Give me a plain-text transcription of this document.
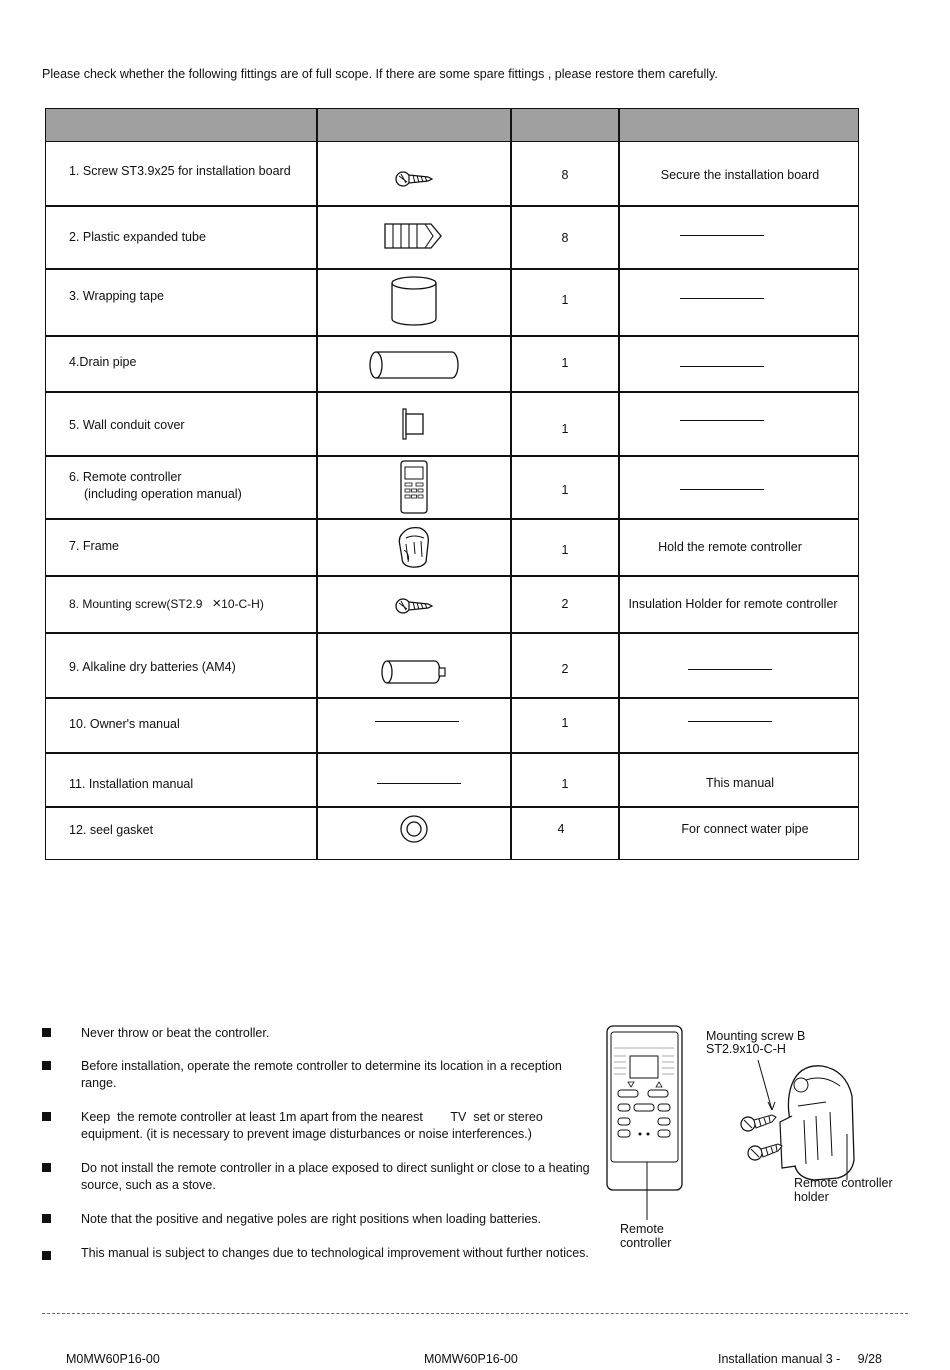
Please check whether the following fittings are of full scope. If there are some spare fittings , please restore them carefully.
1. Screw ST3.9x25 for installation board	8	Secure the installation board
2. Plastic expanded tube	8
3. Wrapping tape	1
4.Drain pipe	1
5. Wall conduit cover	1
6. Remote controller
(including operation manual)	1
7. Frame	1	Hold the remote controller
8. Mounting screw(ST2.9 ×10-C-H)	2	Insulation Holder for remote controller
9. Alkaline dry batteries (AM4)	2
10. Owner's manual	1
11. Installation manual	1	This manual
12. seel gasket	4	For connect water pipe
Never throw or beat the controller.
Before installation, operate the remote controller to determine its location in a reception range.
Keep  the remote controller at least 1m apart from the nearest        TV  set or stereo equipment. (it is necessary to prevent image disturbances or noise interferences.)
Do not install the remote controller in a place exposed to direct sunlight or close to a heating source, such as a stove.
Note that the positive and negative poles are right positions when loading batteries.
This manual is subject to changes due to technological improvement without further notices.
Mounting screw B
ST2.9x10-C-H
Remote controller
holder
Remote
controller
M0MW60P16-00	M0MW60P16-00	Installation manual 3 -     9/28
